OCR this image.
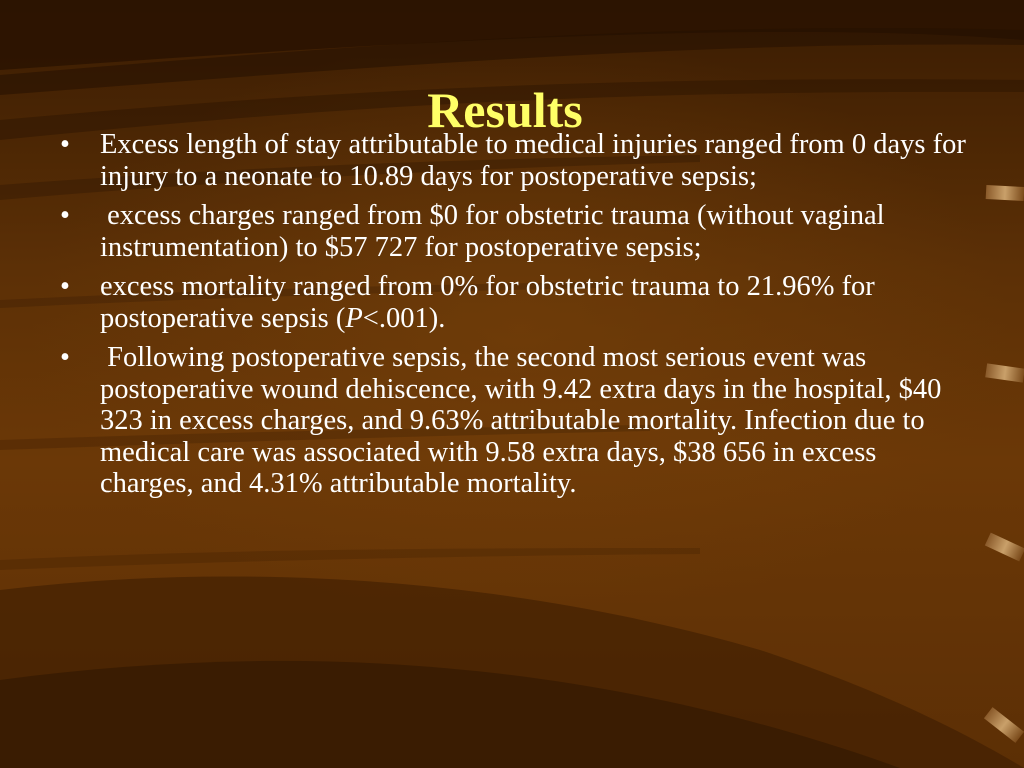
Results
•	Excess length of stay attributable to medical injuries ranged from 0 days for injury to a neonate to 10.89 days for postoperative sepsis;
•	excess charges ranged from $0 for obstetric trauma (without vaginal instrumentation) to $57 727 for postoperative sepsis;
•	excess mortality ranged from 0% for obstetric trauma to 21.96% for postoperative sepsis (P<.001).
•	Following postoperative sepsis, the second most serious event was postoperative wound dehiscence, with 9.42 extra days in the hospital, $40 323 in excess charges, and 9.63% attributable mortality. Infection due to medical care was associated with 9.58 extra days, $38 656 in excess charges, and 4.31% attributable mortality.
